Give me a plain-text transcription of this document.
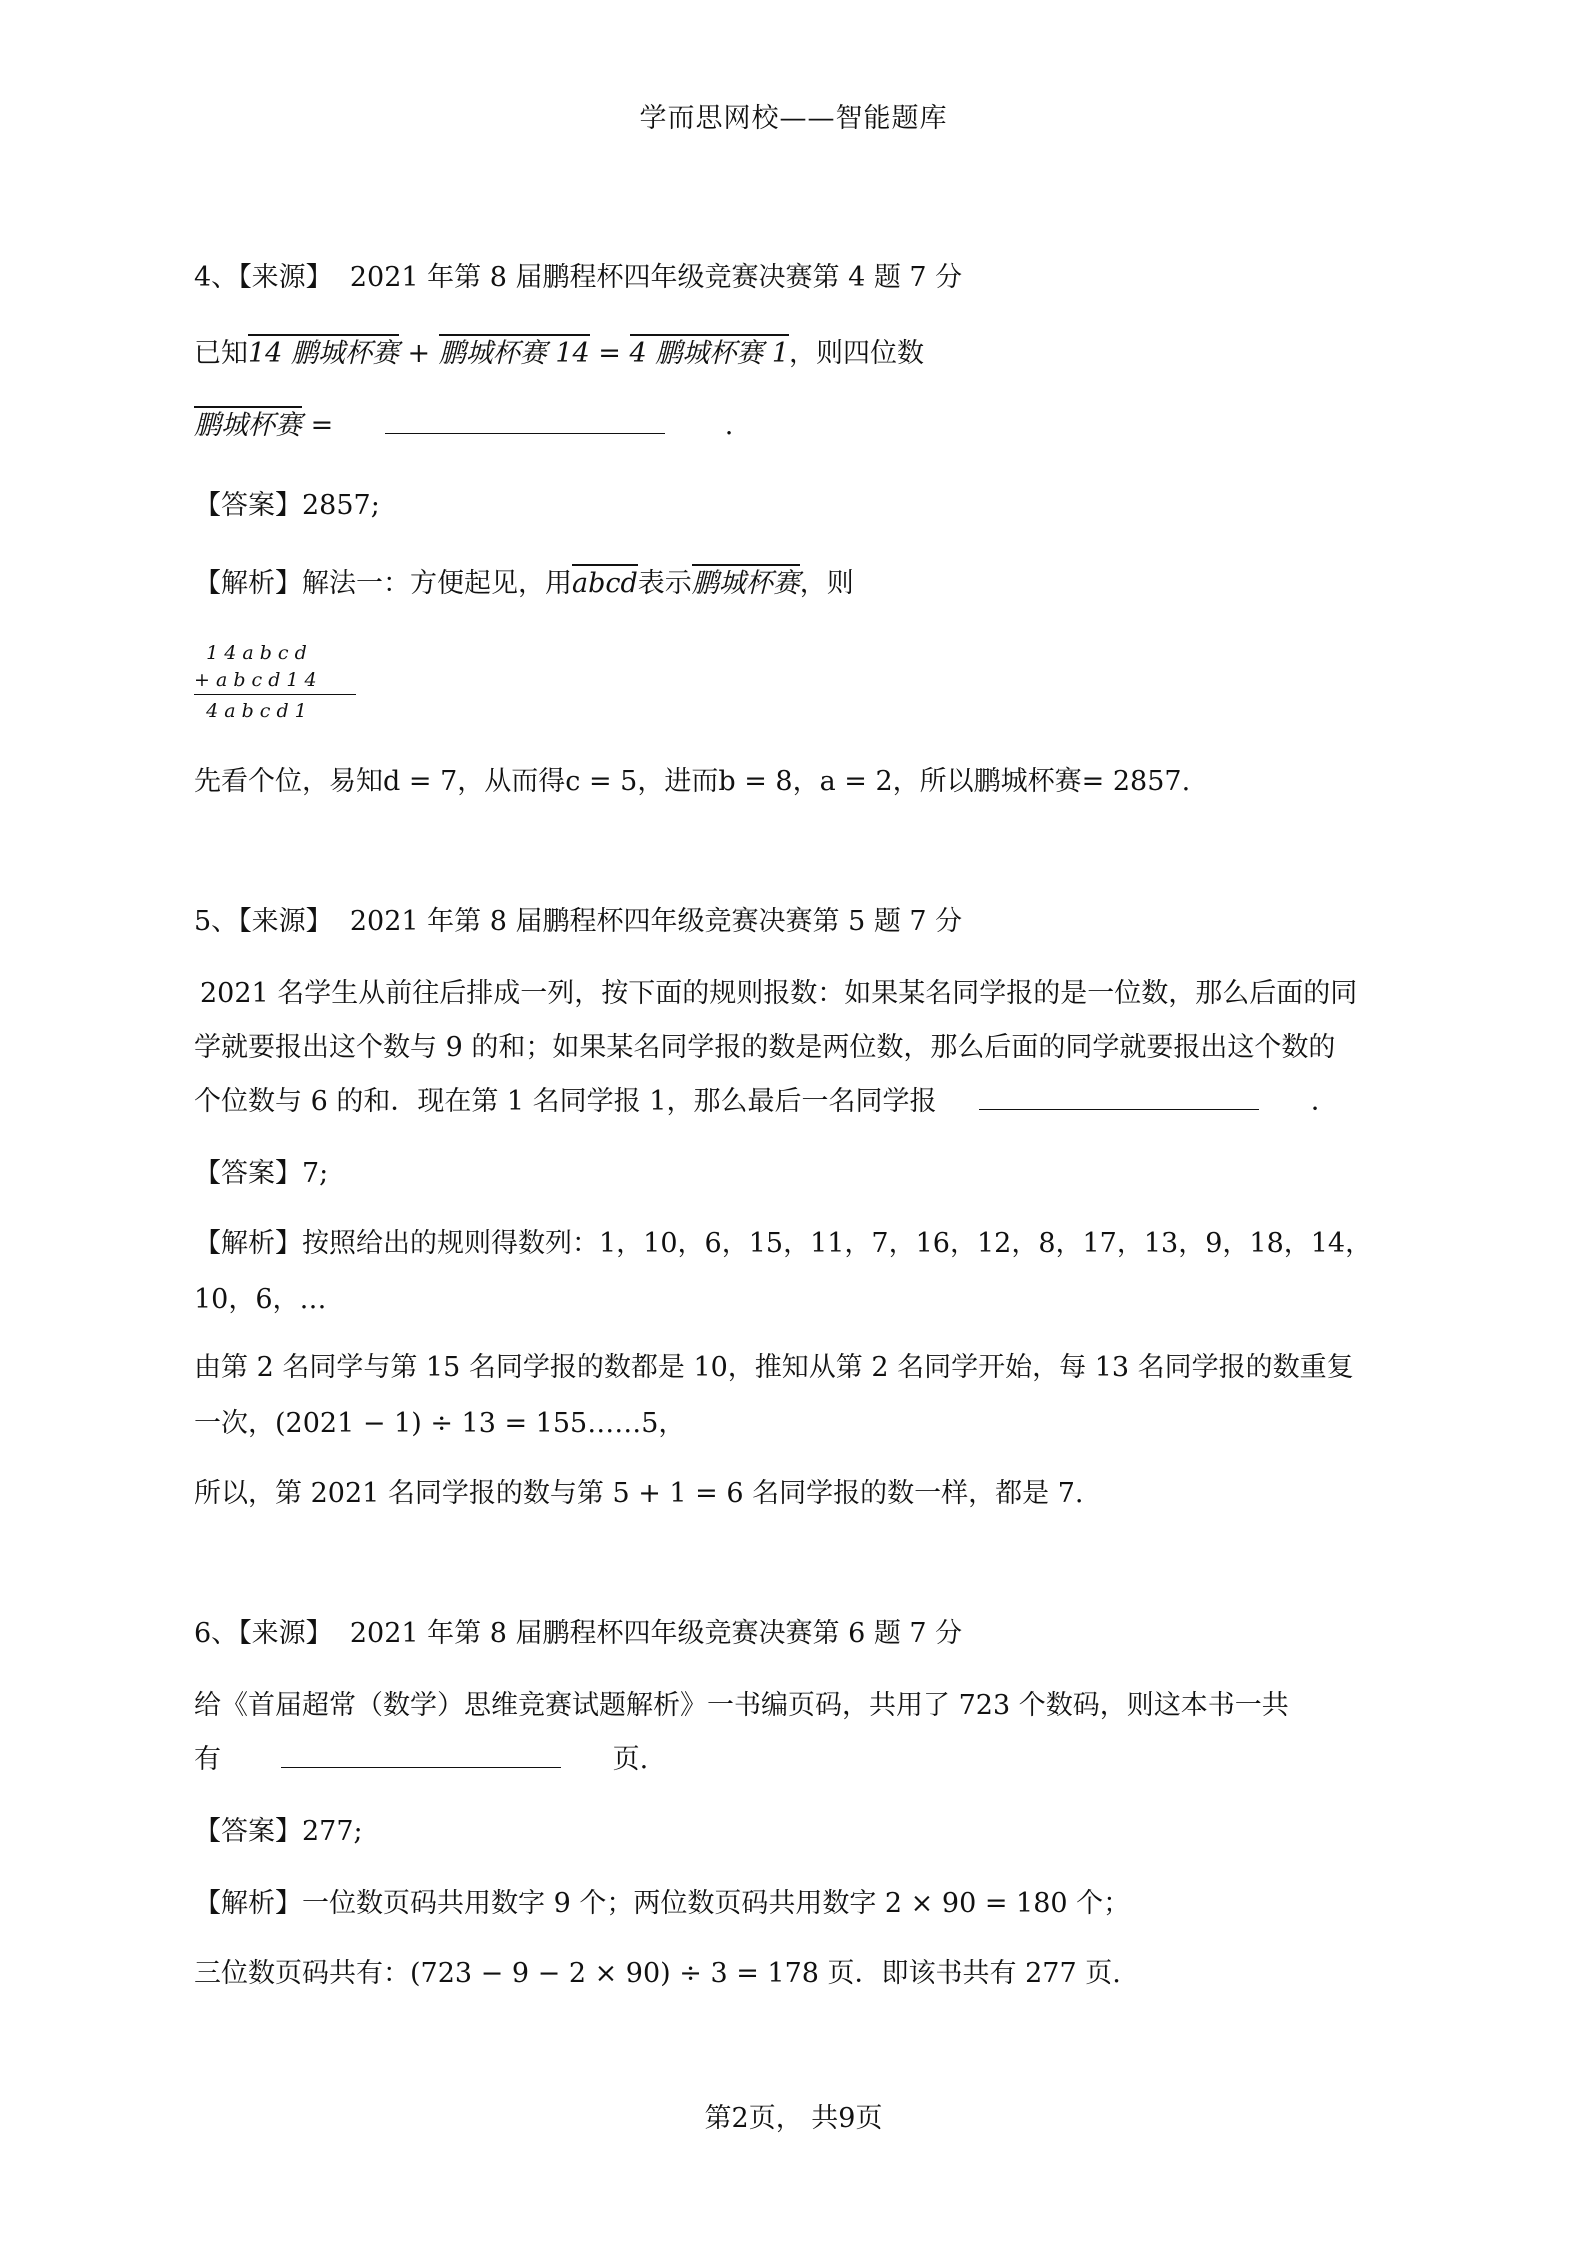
学而思网校——智能题库
4、【来源】 2021 年第 8 届鹏程杯四年级竞赛决赛第 4 题 7 分
已知14 鹏城杯赛 + 鹏城杯赛 14 = 4 鹏城杯赛 1，则四位数
鹏城杯赛 =	.
【答案】2857;
【解析】解法一：方便起见，用abcd表示鹏城杯赛，则
1 4 a b c d
+ a b c d 1 4
4 a b c d 1
先看个位，易知d = 7，从而得c = 5，进而b = 8，a = 2，所以鹏城杯赛= 2857.
5、【来源】 2021 年第 8 届鹏程杯四年级竞赛决赛第 5 题 7 分
2021 名学生从前往后排成一列，按下面的规则报数：如果某名同学报的是一位数，那么后面的同
学就要报出这个数与 9 的和；如果某名同学报的数是两位数，那么后面的同学就要报出这个数的
个位数与 6 的和．现在第 1 名同学报 1，那么最后一名同学报	．
【答案】7;
【解析】按照给出的规则得数列：1，10，6，15，11，7，16，12，8，17，13，9，18，14，
10，6，…
由第 2 名同学与第 15 名同学报的数都是 10，推知从第 2 名同学开始，每 13 名同学报的数重复
一次，(2021 − 1) ÷ 13 = 155……5，
所以，第 2021 名同学报的数与第 5 + 1 = 6 名同学报的数一样，都是 7.
6、【来源】 2021 年第 8 届鹏程杯四年级竞赛决赛第 6 题 7 分
给《首届超常（数学）思维竞赛试题解析》一书编页码，共用了 723 个数码，则这本书一共
有	页.
【答案】277;
【解析】一位数页码共用数字 9 个；两位数页码共用数字 2 × 90 = 180 个；
三位数页码共有：(723 − 9 − 2 × 90) ÷ 3 = 178 页．即该书共有 277 页.
第2页， 共9页
